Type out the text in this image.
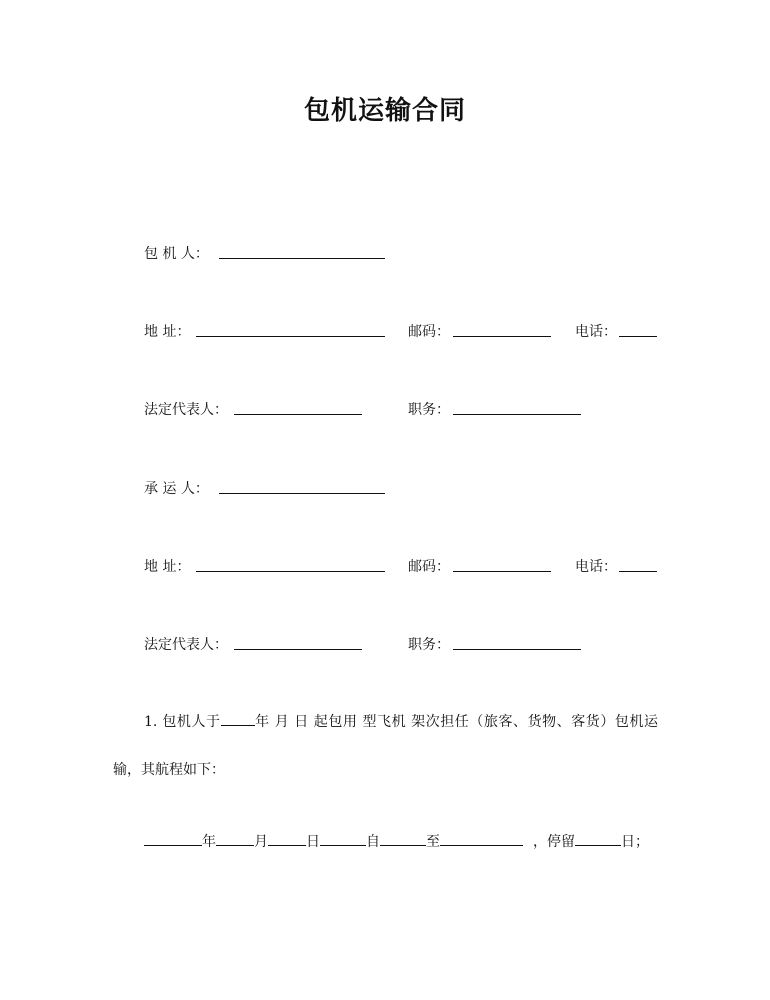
包机运输合同
包 机 人：
地 址：	邮码：	电话：
法定代表人：	职务：
承 运 人：
地 址：	邮码：	电话：
法定代表人：	职务：
1. 包机人于 年 月 日 起包用 型飞机 架次担任（旅客、货物、客货）包机运输，其航程如下：
年	月	日	自	至	，停留	日；
